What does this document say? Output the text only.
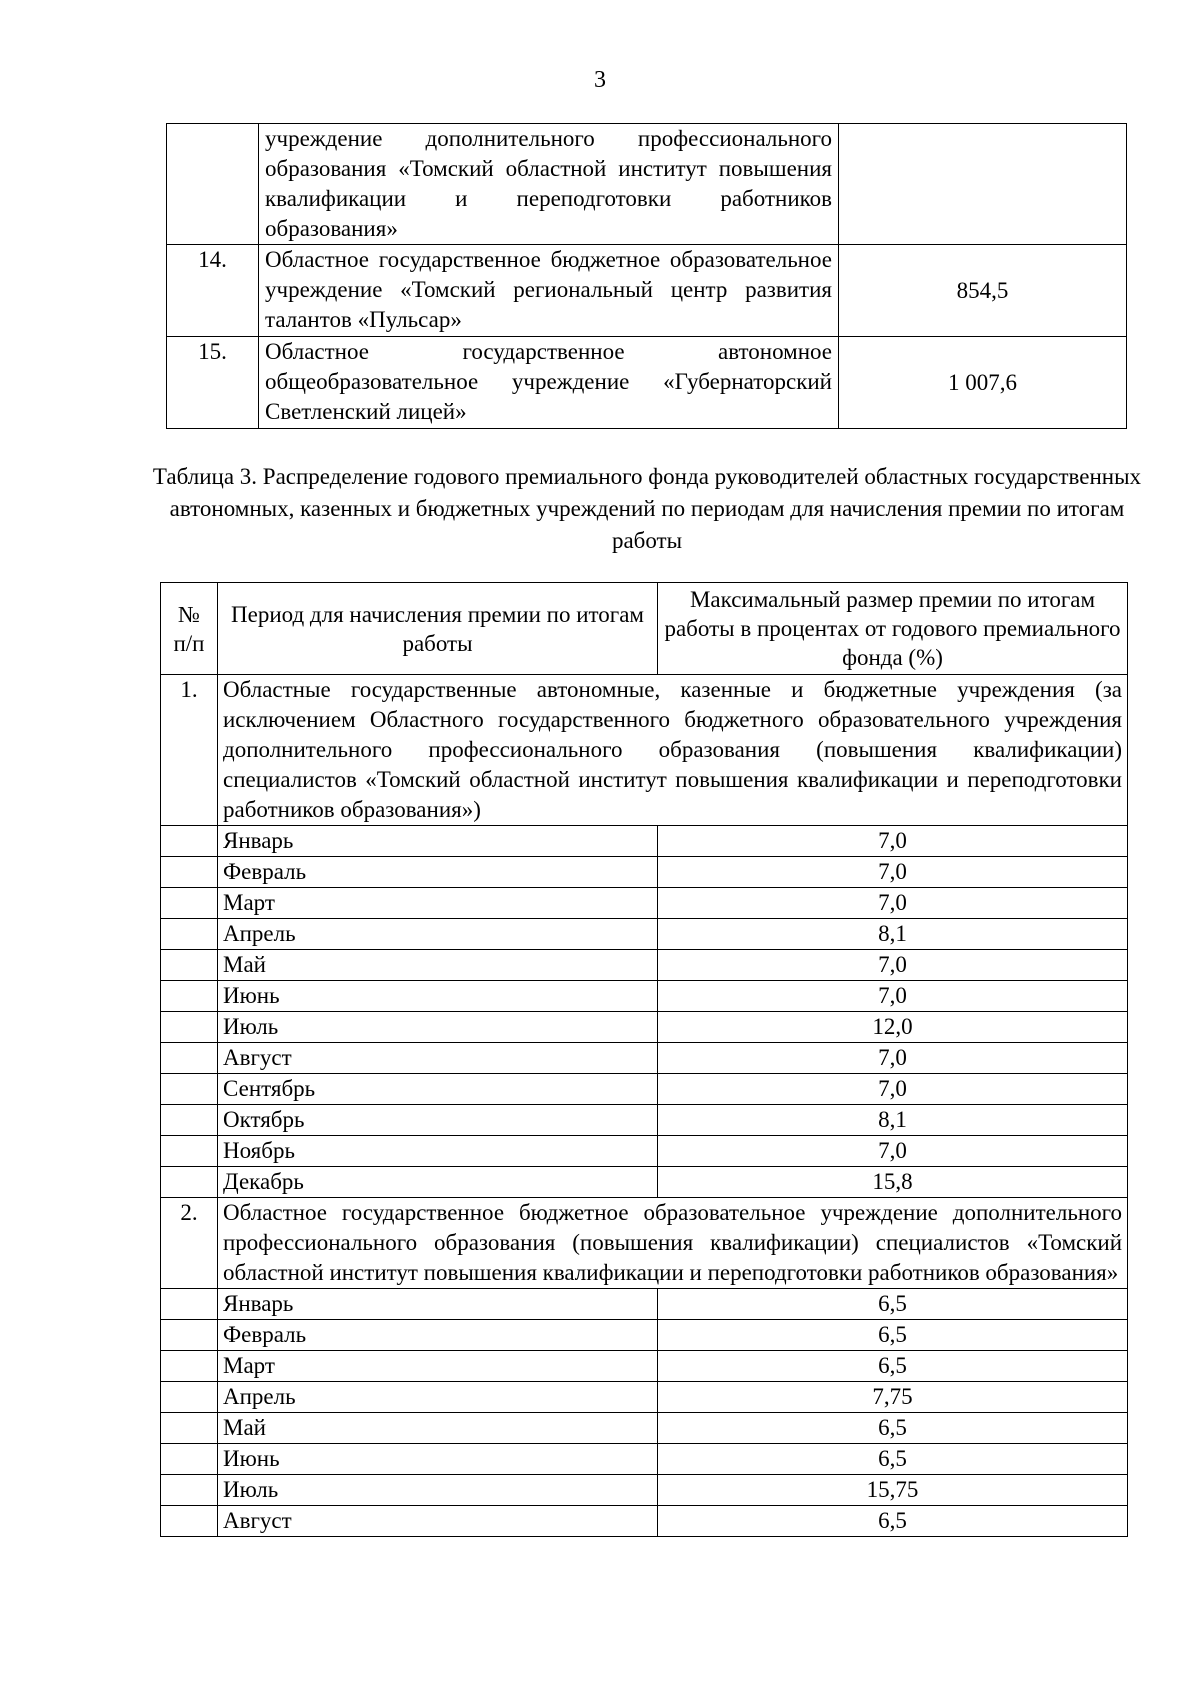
3
	учреждение дополнительного профессионального образования «Томский областной институт повышения квалификации и переподготовки работников образования»	
14.	Областное государственное бюджетное образовательное учреждение «Томский региональный центр развития талантов «Пульсар»	854,5
15.	Областное государственное автономное общеобразовательное учреждение «Губернаторский Светленский лицей»	1 007,6
Таблица 3. Распределение годового премиального фонда руководителей областных государственных автономных, казенных и бюджетных учреждений по периодам для начисления премии по итогам работы
№ п/п	Период для начисления премии по итогам работы	Максимальный размер премии по итогам работы в процентах от годового премиального фонда (%)
1.	Областные государственные автономные, казенные и бюджетные учреждения (за исключением Областного государственного бюджетного образовательного учреждения дополнительного профессионального образования (повышения квалификации) специалистов «Томский областной институт повышения квалификации и переподготовки работников образования»)	
	Январь	7,0
	Февраль	7,0
	Март	7,0
	Апрель	8,1
	Май	7,0
	Июнь	7,0
	Июль	12,0
	Август	7,0
	Сентябрь	7,0
	Октябрь	8,1
	Ноябрь	7,0
	Декабрь	15,8
2.	Областное государственное бюджетное образовательное учреждение дополнительного профессионального образования (повышения квалификации) специалистов «Томский областной институт повышения квалификации и переподготовки работников образования»	
	Январь	6,5
	Февраль	6,5
	Март	6,5
	Апрель	7,75
	Май	6,5
	Июнь	6,5
	Июль	15,75
	Август	6,5
